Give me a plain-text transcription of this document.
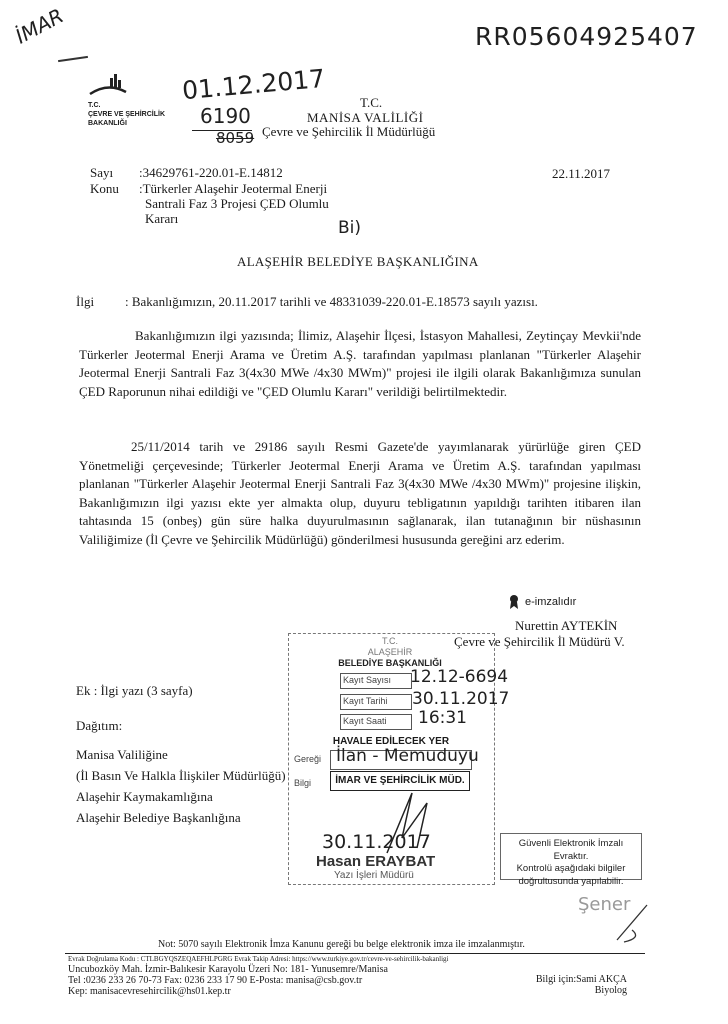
İMAR	RR05604925407
T.C.
ÇEVRE VE ŞEHİRCİLİK
BAKANLIĞI
01.12.2017
6190
8059
T.C.
MANİSA VALİLİĞİ
Çevre ve Şehircilik İl Müdürlüğü
Sayı :34629761-220.01-E.14812	22.11.2017
Konu :Türkerler Alaşehir Jeotermal Enerji
Santrali Faz 3 Projesi ÇED Olumlu
Kararı	Bi)
ALAŞEHİR BELEDİYE BAŞKANLIĞINA
İlgi : Bakanlığımızın, 20.11.2017 tarihli ve 48331039-220.01-E.18573 sayılı yazısı.
Bakanlığımızın ilgi yazısında; İlimiz, Alaşehir İlçesi, İstasyon Mahallesi, Zeytinçay Mevkii'nde Türkerler Jeotermal Enerji Arama ve Üretim A.Ş. tarafından yapılması planlanan "Türkerler Alaşehir Jeotermal Enerji Santrali Faz 3(4x30 MWe /4x30 MWm)" projesi ile ilgili olarak Bakanlığımıza sunulan ÇED Raporunun nihai edildiği ve "ÇED Olumlu Kararı" verildiği belirtilmektedir.
25/11/2014 tarih ve 29186 sayılı Resmi Gazete'de yayımlanarak yürürlüğe giren ÇED Yönetmeliği çerçevesinde; Türkerler Jeotermal Enerji Arama ve Üretim A.Ş. tarafından yapılması planlanan "Türkerler Alaşehir Jeotermal Enerji Santrali Faz 3(4x30 MWe /4x30 MWm)" projesine ilişkin, Bakanlığımızın ilgi yazısı ekte yer almakta olup, duyuru tebligatının yapıldığı tarihten itibaren ilan tahtasında 15 (onbeş) gün süre halka duyurulmasının sağlanarak, ilan tutanağının bir nüshasının Valiliğimize (İl Çevre ve Şehircilik Müdürlüğü) gönderilmesi hususunda gereğini arz ederim.
e-imzalıdır
Nurettin AYTEKİN
Çevre ve Şehircilik İl Müdürü V.
Ek : İlgi yazı (3 sayfa)
Dağıtım:
Manisa Valiliğine
(İl Basın Ve Halkla İlişkiler Müdürlüğü)
Alaşehir Kaymakamlığına
Alaşehir Belediye Başkanlığına
T.C.
ALAŞEHİR
BELEDİYE BAŞKANLIĞI
Kayıt Sayısı 12.12-6694
Kayıt Tarihi 30.11.2017
Kayıt Saati 16:31
HAVALE EDİLECEK YER
Gereği İlan - Memuduyu
Bilgi	İMAR VE ŞEHİRCİLİK MÜD.
30.11.2017
Hasan ERAYBAT
Yazı İşleri Müdürü
Güvenli Elektronik İmzalı Evraktır.
Kontrolü aşağıdaki bilgiler
doğrultusunda yapılabilir.
Şener
Not: 5070 sayılı Elektronik İmza Kanunu gereği bu belge elektronik imza ile imzalanmıştır.
Evrak Doğrulama Kodu : CTLBGYQSZEQAEFHLPGRG Evrak Takip Adresi: https://www.turkiye.gov.tr/cevre-ve-sehircilik-bakanligi
Uncubozköy Mah. İzmir-Balıkesir Karayolu Üzeri No: 181- Yunusemre/Manisa
Tel :0236 233 26 70-73 Fax: 0236 233 17 90 E-Posta: manisa@csb.gov.tr
Kep: manisacevresehircilik@hs01.kep.tr
Bilgi için:Sami AKÇA
Biyolog
